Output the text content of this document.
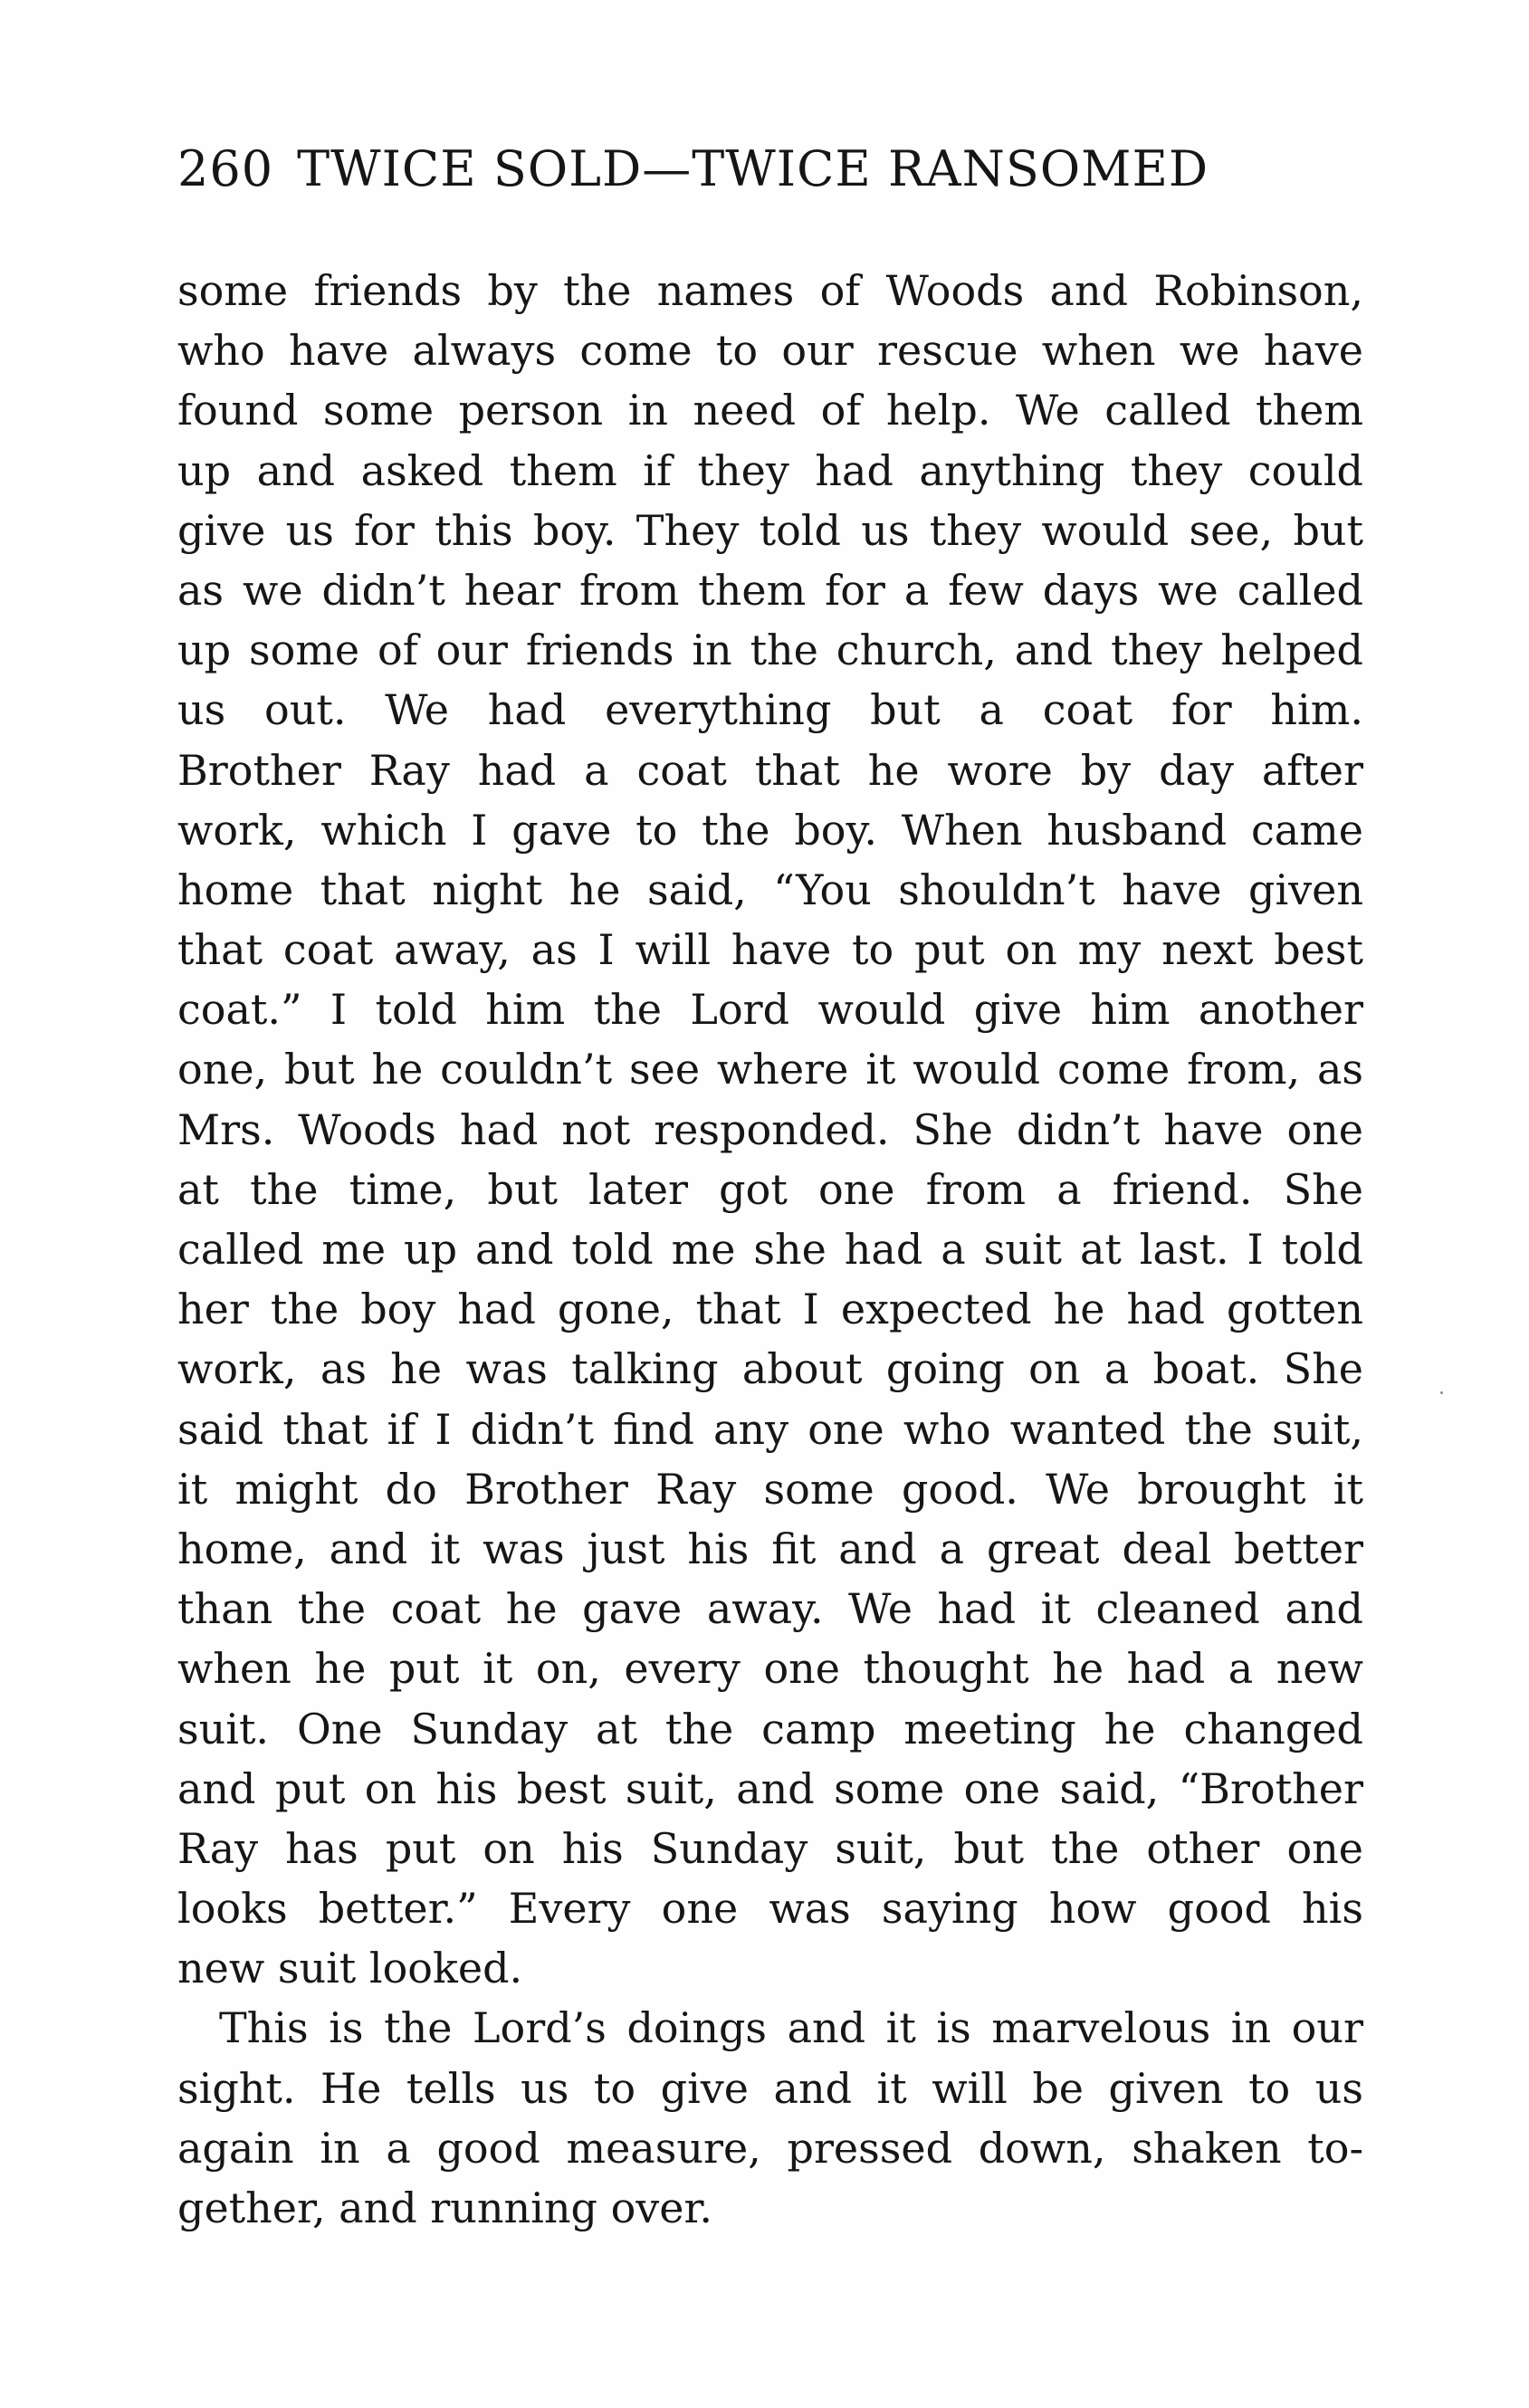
260 TWICE SOLD—TWICE RANSOMED
some friends by the names of Woods and Robinson,
who have always come to our rescue when we have
found some person in need of help. We called them
up and asked them if they had anything they could
give us for this boy. They told us they would see, but
as we didn’t hear from them for a few days we called
up some of our friends in the church, and they helped
us out. We had everything but a coat for him.
Brother Ray had a coat that he wore by day after
work, which I gave to the boy. When husband came
home that night he said, “You shouldn’t have given
that coat away, as I will have to put on my next best
coat.” I told him the Lord would give him another
one, but he couldn’t see where it would come from, as
Mrs. Woods had not responded. She didn’t have one
at the time, but later got one from a friend. She
called me up and told me she had a suit at last. I told
her the boy had gone, that I expected he had gotten
work, as he was talking about going on a boat. She
said that if I didn’t find any one who wanted the suit,
it might do Brother Ray some good. We brought it
home, and it was just his fit and a great deal better
than the coat he gave away. We had it cleaned and
when he put it on, every one thought he had a new
suit. One Sunday at the camp meeting he changed
and put on his best suit, and some one said, “Brother
Ray has put on his Sunday suit, but the other one
looks better.” Every one was saying how good his
new suit looked.
This is the Lord’s doings and it is marvelous in our
sight. He tells us to give and it will be given to us
again in a good measure, pressed down, shaken to-
gether, and running over.
